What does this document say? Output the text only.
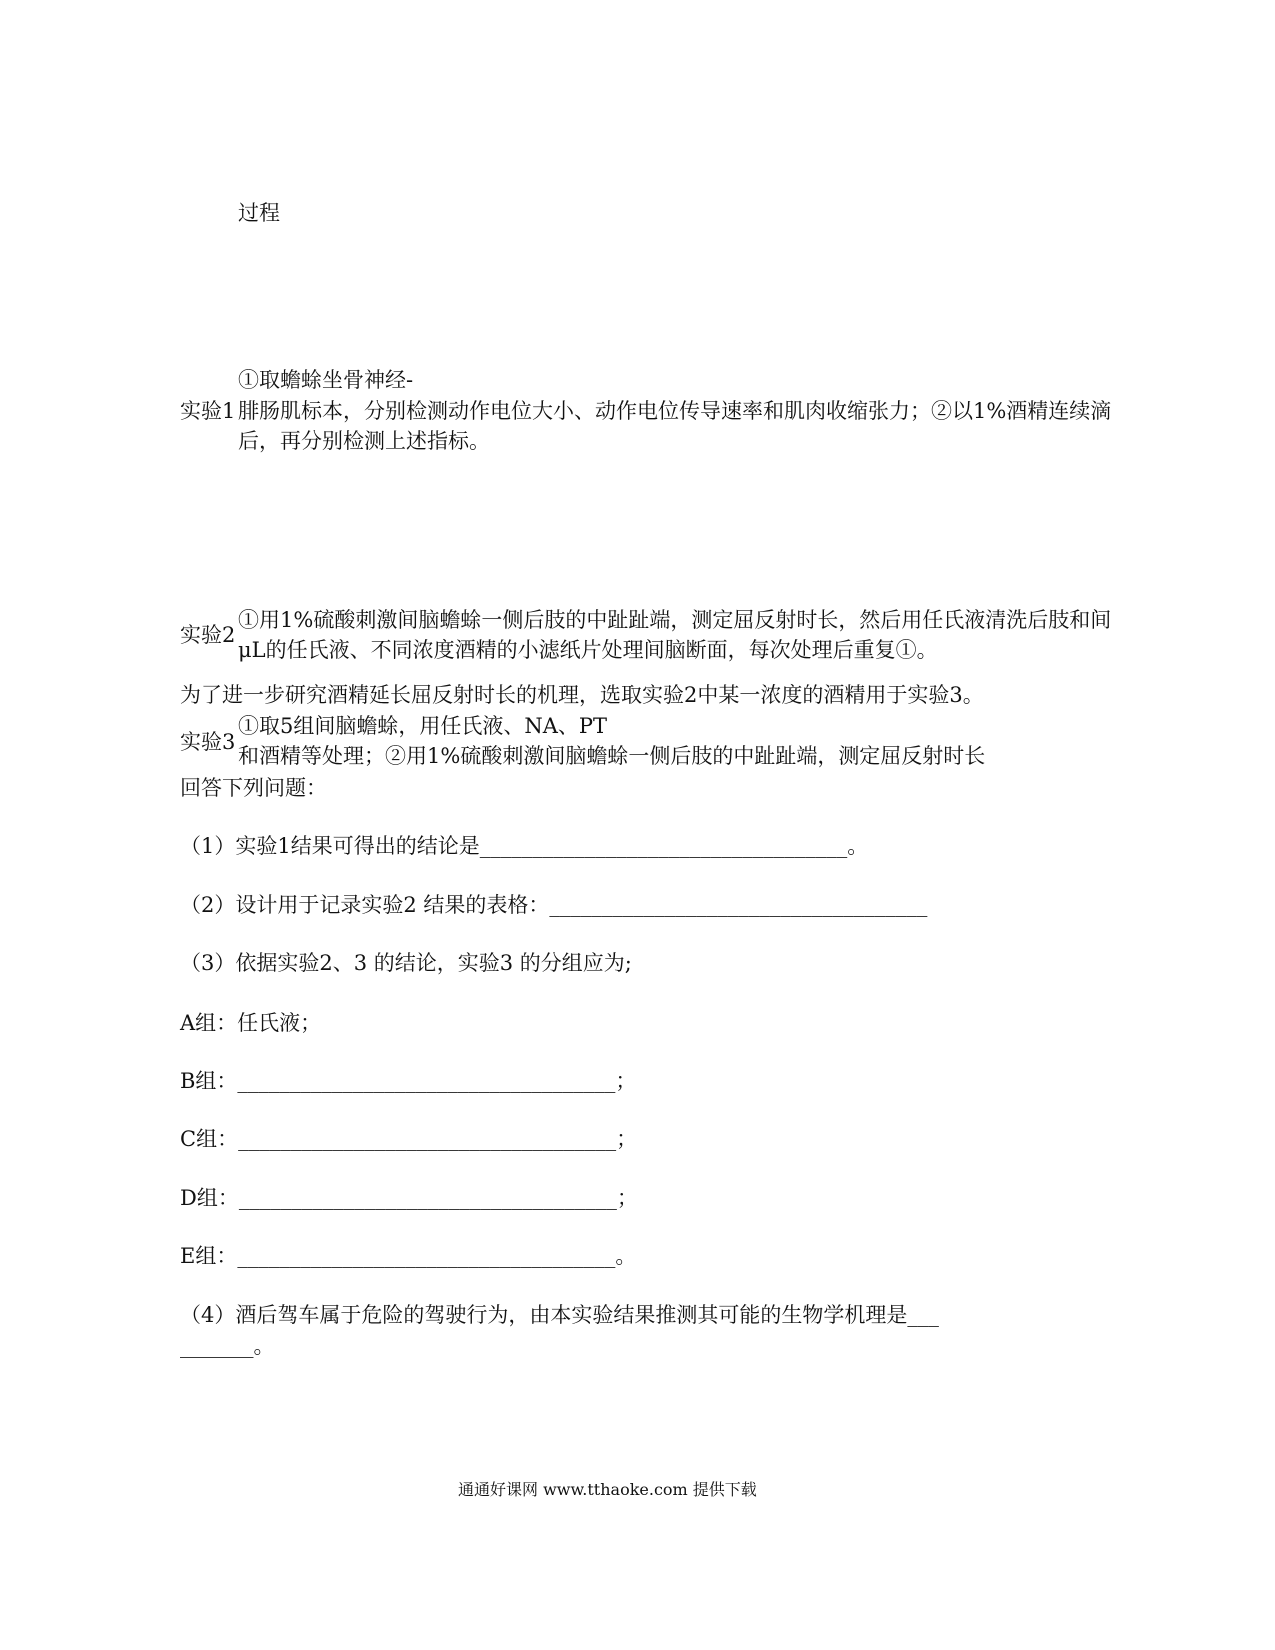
过程
①取蟾蜍坐骨神经-
实验1 腓肠肌标本，分别检测动作电位大小、动作电位传导速率和肌肉收缩张力；②以1%酒精连续滴
后，再分别检测上述指标。
实验2
①用1%硫酸刺激间脑蟾蜍一侧后肢的中趾趾端，测定屈反射时长，然后用任氏液清洗后肢和间
μL的任氏液、不同浓度酒精的小滤纸片处理间脑断面，每次处理后重复①。
为了进一步研究酒精延长屈反射时长的机理，选取实验2中某一浓度的酒精用于实验3。
实验3
①取5组间脑蟾蜍，用任氏液、NA、PT
和酒精等处理；②用1%硫酸刺激间脑蟾蜍一侧后肢的中趾趾端，测定屈反射时长
回答下列问题：
（1）实验1结果可得出的结论是___________________________________。
（2）设计用于记录实验2 结果的表格：____________________________________
（3）依据实验2、3 的结论，实验3 的分组应为;
A组：任氏液；
B组：____________________________________；
C组：____________________________________；
D组：____________________________________；
E组：____________________________________。
（4）酒后驾车属于危险的驾驶行为，由本实验结果推测其可能的生物学机理是___
_______。
通通好课网 www.tthaoke.com 提供下载
